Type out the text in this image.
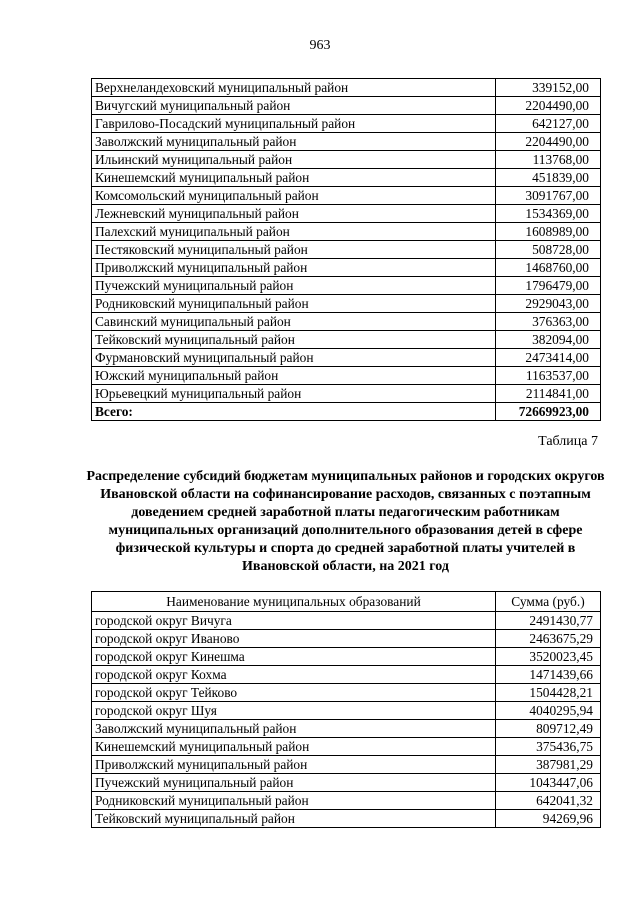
963
Верхнеландеховский муниципальный район	339152,00
Вичугский муниципальный район	2204490,00
Гаврилово-Посадский муниципальный район	642127,00
Заволжский муниципальный район	2204490,00
Ильинский муниципальный район	113768,00
Кинешемский муниципальный район	451839,00
Комсомольский муниципальный район	3091767,00
Лежневский муниципальный район	1534369,00
Палехский муниципальный район	1608989,00
Пестяковский муниципальный район	508728,00
Приволжский муниципальный район	1468760,00
Пучежский муниципальный район	1796479,00
Родниковский муниципальный район	2929043,00
Савинский муниципальный район	376363,00
Тейковский муниципальный район	382094,00
Фурмановский муниципальный район	2473414,00
Южский муниципальный район	1163537,00
Юрьевецкий муниципальный район	2114841,00
Всего:	72669923,00
Таблица 7
Распределение субсидий бюджетам муниципальных районов и городских округов Ивановской области на софинансирование расходов, связанных с поэтапным доведением средней заработной платы педагогическим работникам муниципальных организаций дополнительного образования детей в сфере физической культуры и спорта до средней заработной платы учителей в Ивановской области, на 2021 год
Наименование муниципальных образований	Сумма (руб.)
городской округ Вичуга	2491430,77
городской округ Иваново	2463675,29
городской округ Кинешма	3520023,45
городской округ Кохма	1471439,66
городской округ Тейково	1504428,21
городской округ Шуя	4040295,94
Заволжский муниципальный район	809712,49
Кинешемский муниципальный район	375436,75
Приволжский муниципальный район	387981,29
Пучежский муниципальный район	1043447,06
Родниковский муниципальный район	642041,32
Тейковский муниципальный район	94269,96
